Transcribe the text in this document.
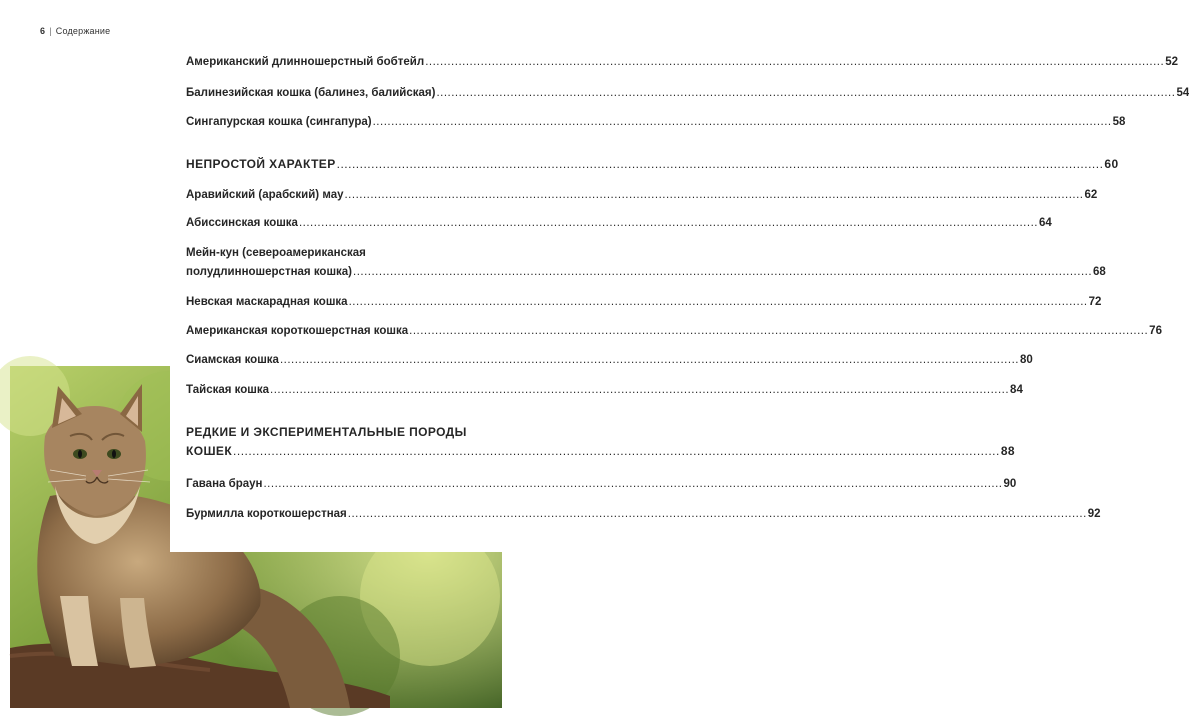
6 | Содержание
Американский длинношерстный бобтейл ........................................................................................................................................................................................................ 52
Балинезийская кошка (балинез, балийская) ........................................................................................................................................................................................................ 54
Сингапурская кошка (сингапура) ........................................................................................................................................................................................................ 58
НЕПРОСТОЙ ХАРАКТЕР ........................................................................................................................................................................................................ 60
Аравийский (арабский) мау ........................................................................................................................................................................................................ 62
Абиссинская кошка ........................................................................................................................................................................................................ 64
Мейн-кун (североамериканская
полудлинношерстная кошка) ........................................................................................................................................................................................................ 68
Невская маскарадная кошка ........................................................................................................................................................................................................ 72
Американская короткошерстная кошка ........................................................................................................................................................................................................ 76
Сиамская кошка ........................................................................................................................................................................................................ 80
Тайская кошка ........................................................................................................................................................................................................ 84
РЕДКИЕ И ЭКСПЕРИМЕНТАЛЬНЫЕ ПОРОДЫ
КОШЕК ........................................................................................................................................................................................................ 88
Гавана браун ........................................................................................................................................................................................................ 90
Бурмилла короткошерстная ........................................................................................................................................................................................................ 92
